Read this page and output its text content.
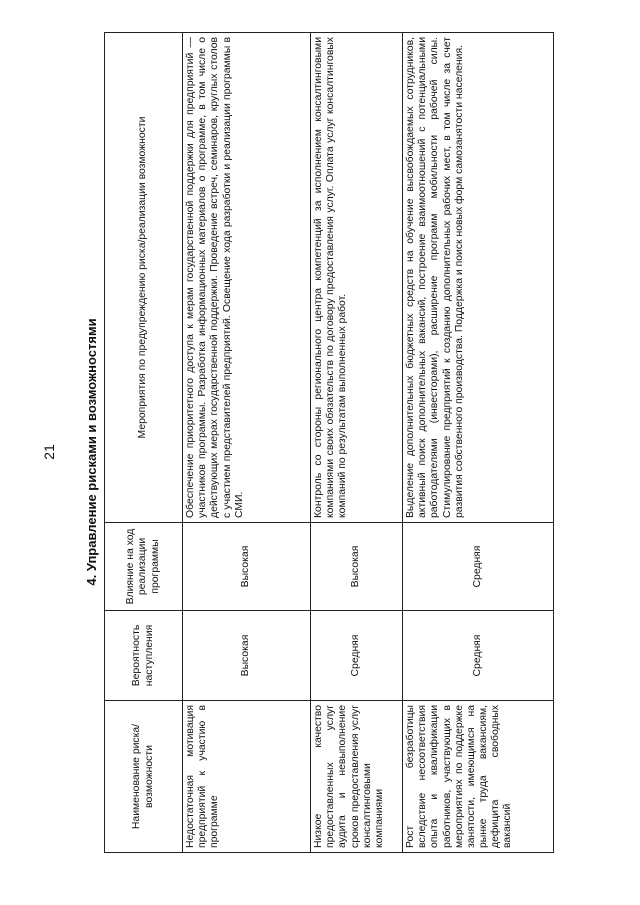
21 4. Управление рисками и возможностями
Наименование риска/возможности	Вероятность наступления	Влияние на ход реализации программы	Мероприятия по предупреждению риска/реализации возможности
Недостаточная мотивация предприятий к участию в программе	Высокая	Высокая	Обеспечение приоритетного доступа к мерам государственной поддержки для предприятий — участников программы. Разработка информационных материалов о программе, в том числе о действующих мерах государственной поддержки. Проведение встреч, семинаров, круглых столов с участием представителей предприятий. Освещение хода разработки и реализации программы в СМИ.
Низкое качество предоставленных услуг аудита и невыполнение сроков предоставления услуг консалтинговыми компаниями	Средняя	Высокая	Контроль со стороны регионального центра компетенций за исполнением консалтинговыми компаниями своих обязательств по договору предоставления услуг. Оплата услуг консалтинговых компаний по результатам выполненных работ.
Рост безработицы вследствие несоответствия опыта и квалификации работников, участвующих в мероприятиях по поддержке занятости, имеющимся на рынке труда вакансиям, дефицита свободных вакансий	Средняя	Средняя	Выделение дополнительных бюджетных средств на обучение высвобождаемых сотрудников, активный поиск дополнительных вакансий, построение взаимоотношений с потенциальными работодателями (инвесторами), расширение программ мобильности рабочей силы. Стимулирование предприятий к созданию дополнительных рабочих мест, в том числе за счет развития собственного производства. Поддержка и поиск новых форм самозанятости населения.
